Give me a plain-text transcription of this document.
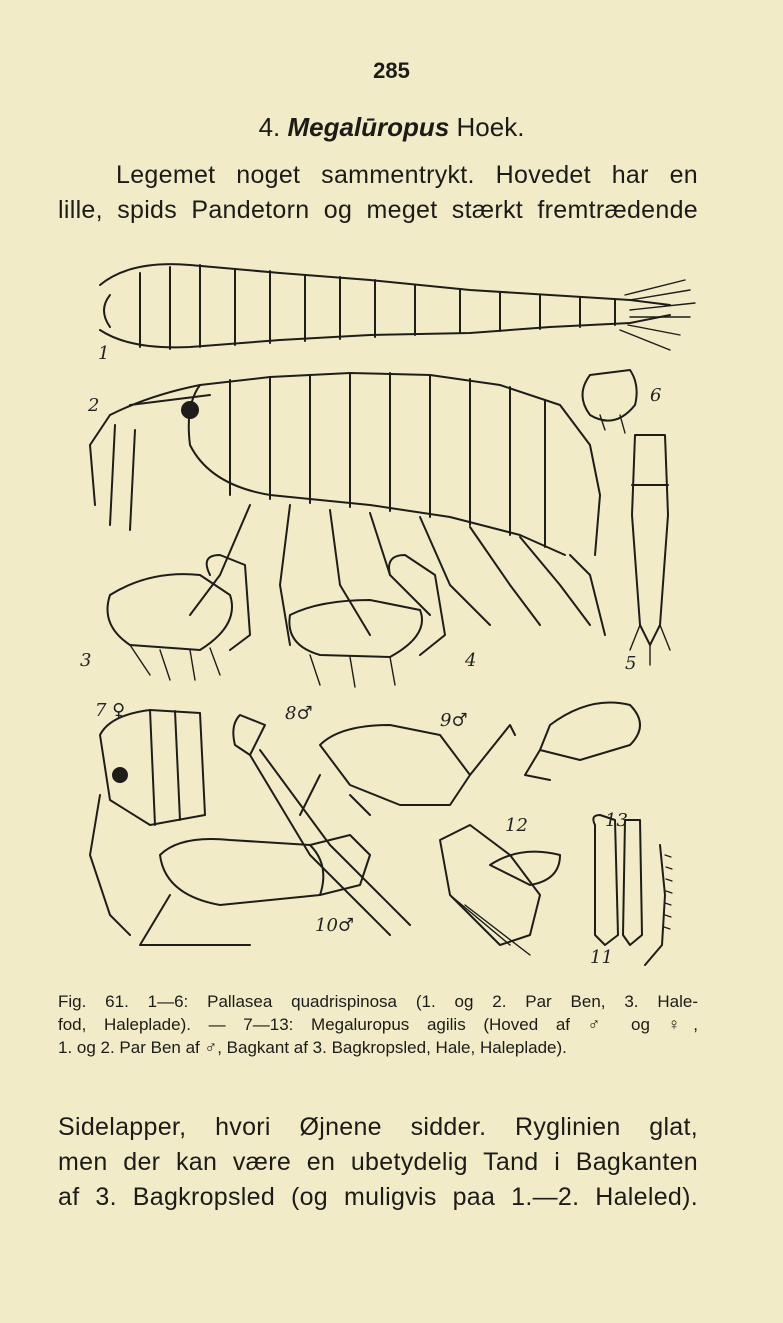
285
4. Megalūropus Hoek.
Legemet noget sammentrykt. Hovedet har en
lille, spids Pandetorn og meget stærkt fremtrædende
1
2
3	4	5
6
7 ♀	8♂	9♂
10♂
11
12	13
Fig. 61. 1—6: Pallasea quadrispinosa (1. og 2. Par Ben, 3. Hale-
fod, Haleplade). — 7—13: Megaluropus agilis (Hoved af ♂ og ♀,
1. og 2. Par Ben af ♂, Bagkant af 3. Bagkropsled, Hale, Haleplade).
Sidelapper, hvori Øjnene sidder. Ryglinien glat,
men der kan være en ubetydelig Tand i Bagkanten
af 3. Bagkropsled (og muligvis paa 1.—2. Haleled).
